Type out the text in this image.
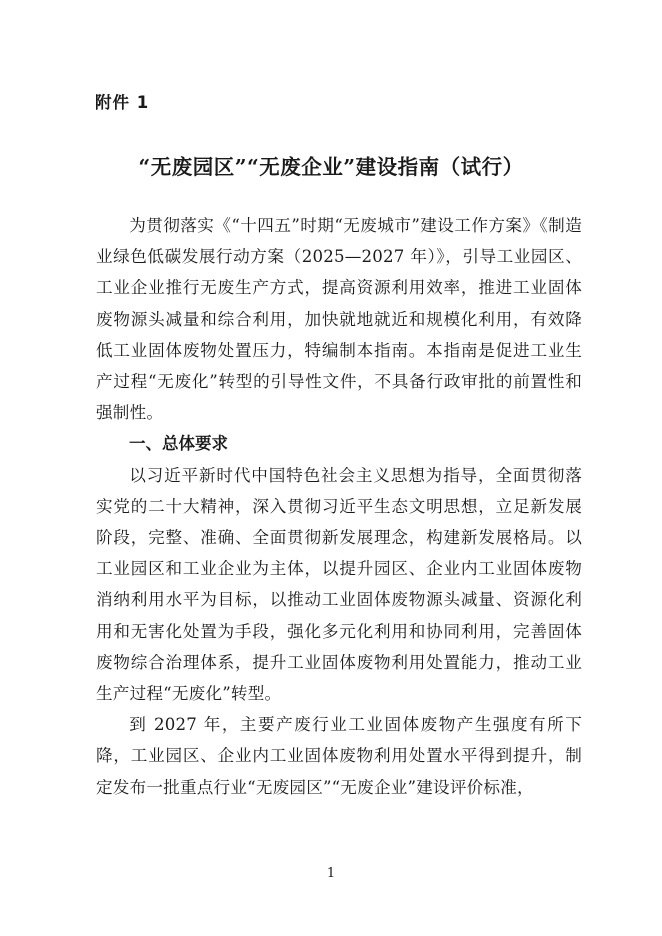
附件 1
“无废园区”“无废企业”建设指南（试行）

为贯彻落实《“十四五”时期“无废城市”建设工作方案》《制造业绿色低碳发展行动方案（2025—2027 年）》，引导工业园区、工业企业推行无废生产方式，提高资源利用效率，推进工业固体废物源头减量和综合利用，加快就地就近和规模化利用，有效降低工业固体废物处置压力，特编制本指南。本指南是促进工业生产过程“无废化”转型的引导性文件，不具备行政审批的前置性和强制性。

一、总体要求

以习近平新时代中国特色社会主义思想为指导，全面贯彻落实党的二十大精神，深入贯彻习近平生态文明思想，立足新发展阶段，完整、准确、全面贯彻新发展理念，构建新发展格局。以工业园区和工业企业为主体，以提升园区、企业内工业固体废物消纳利用水平为目标，以推动工业固体废物源头减量、资源化利用和无害化处置为手段，强化多元化利用和协同利用，完善固体废物综合治理体系，提升工业固体废物利用处置能力，推动工业生产过程“无废化”转型。

到 2027 年，主要产废行业工业固体废物产生强度有所下降，工业园区、企业内工业固体废物利用处置水平得到提升，制定发布一批重点行业“无废园区”“无废企业”建设评价标准，

1
